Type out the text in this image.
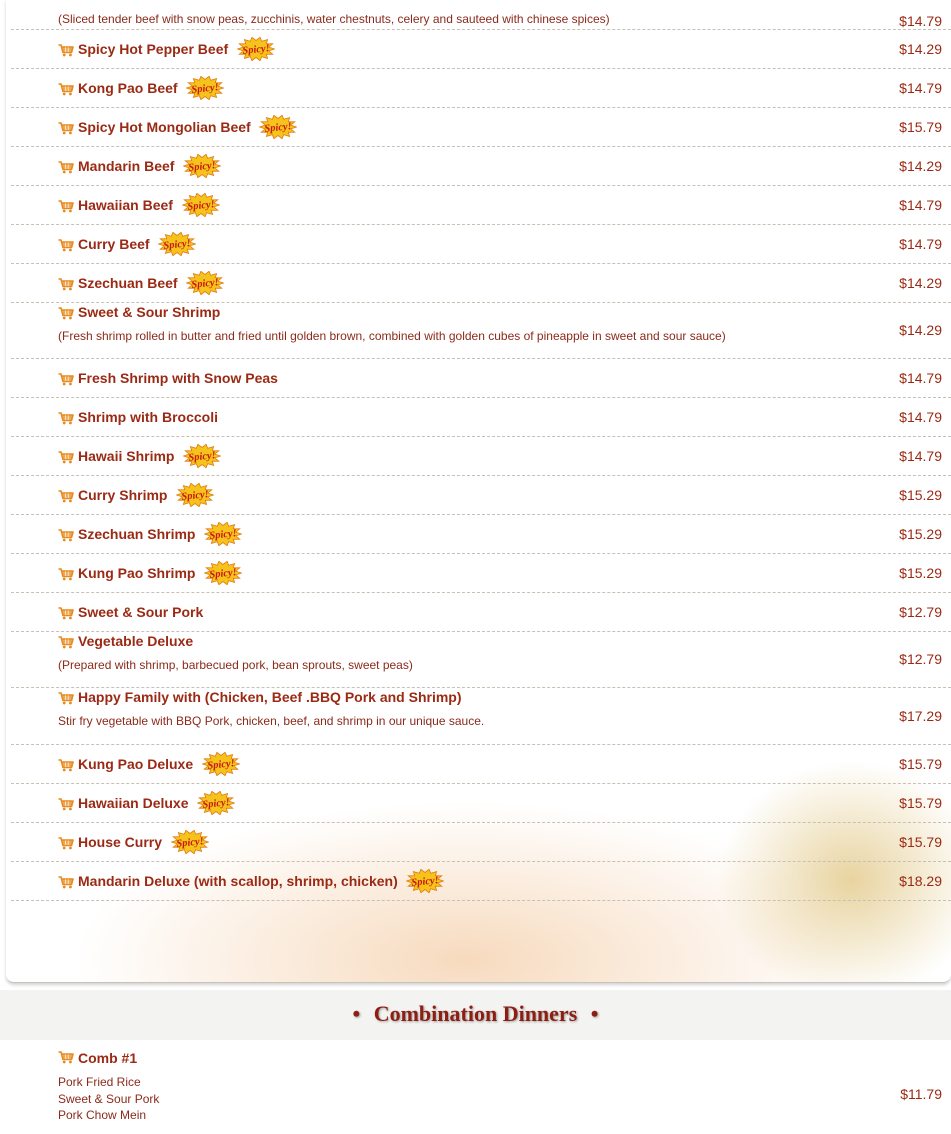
(Sliced tender beef with snow peas, zucchinis, water chestnuts, celery and sauteed with chinese spices)	$14.79
Spicy Hot Pepper Beef Spicy!	$14.29
Kong Pao Beef Spicy!	$14.79
Spicy Hot Mongolian Beef Spicy!	$15.79
Mandarin Beef Spicy!	$14.29
Hawaiian Beef Spicy!	$14.79
Curry Beef Spicy!	$14.79
Szechuan Beef Spicy!	$14.29
Sweet & Sour Shrimp
(Fresh shrimp rolled in butter and fried until golden brown, combined with golden cubes of pineapple in sweet and sour sauce)	$14.29
Fresh Shrimp with Snow Peas	$14.79
Shrimp with Broccoli	$14.79
Hawaii Shrimp Spicy!	$14.79
Curry Shrimp Spicy!	$15.29
Szechuan Shrimp Spicy!	$15.29
Kung Pao Shrimp Spicy!	$15.29
Sweet & Sour Pork	$12.79
Vegetable Deluxe
(Prepared with shrimp, barbecued pork, bean sprouts, sweet peas)	$12.79
Happy Family with (Chicken, Beef .BBQ Pork and Shrimp)
Stir fry vegetable with BBQ Pork, chicken, beef, and shrimp in our unique sauce.	$17.29
Kung Pao Deluxe Spicy!	$15.79
Hawaiian Deluxe Spicy!	$15.79
House Curry Spicy!	$15.79
Mandarin Deluxe (with scallop, shrimp, chicken) Spicy!	$18.29
• Combination Dinners •
Comb #1
Pork Fried Rice
Sweet & Sour Pork
Pork Chow Mein
$11.79
